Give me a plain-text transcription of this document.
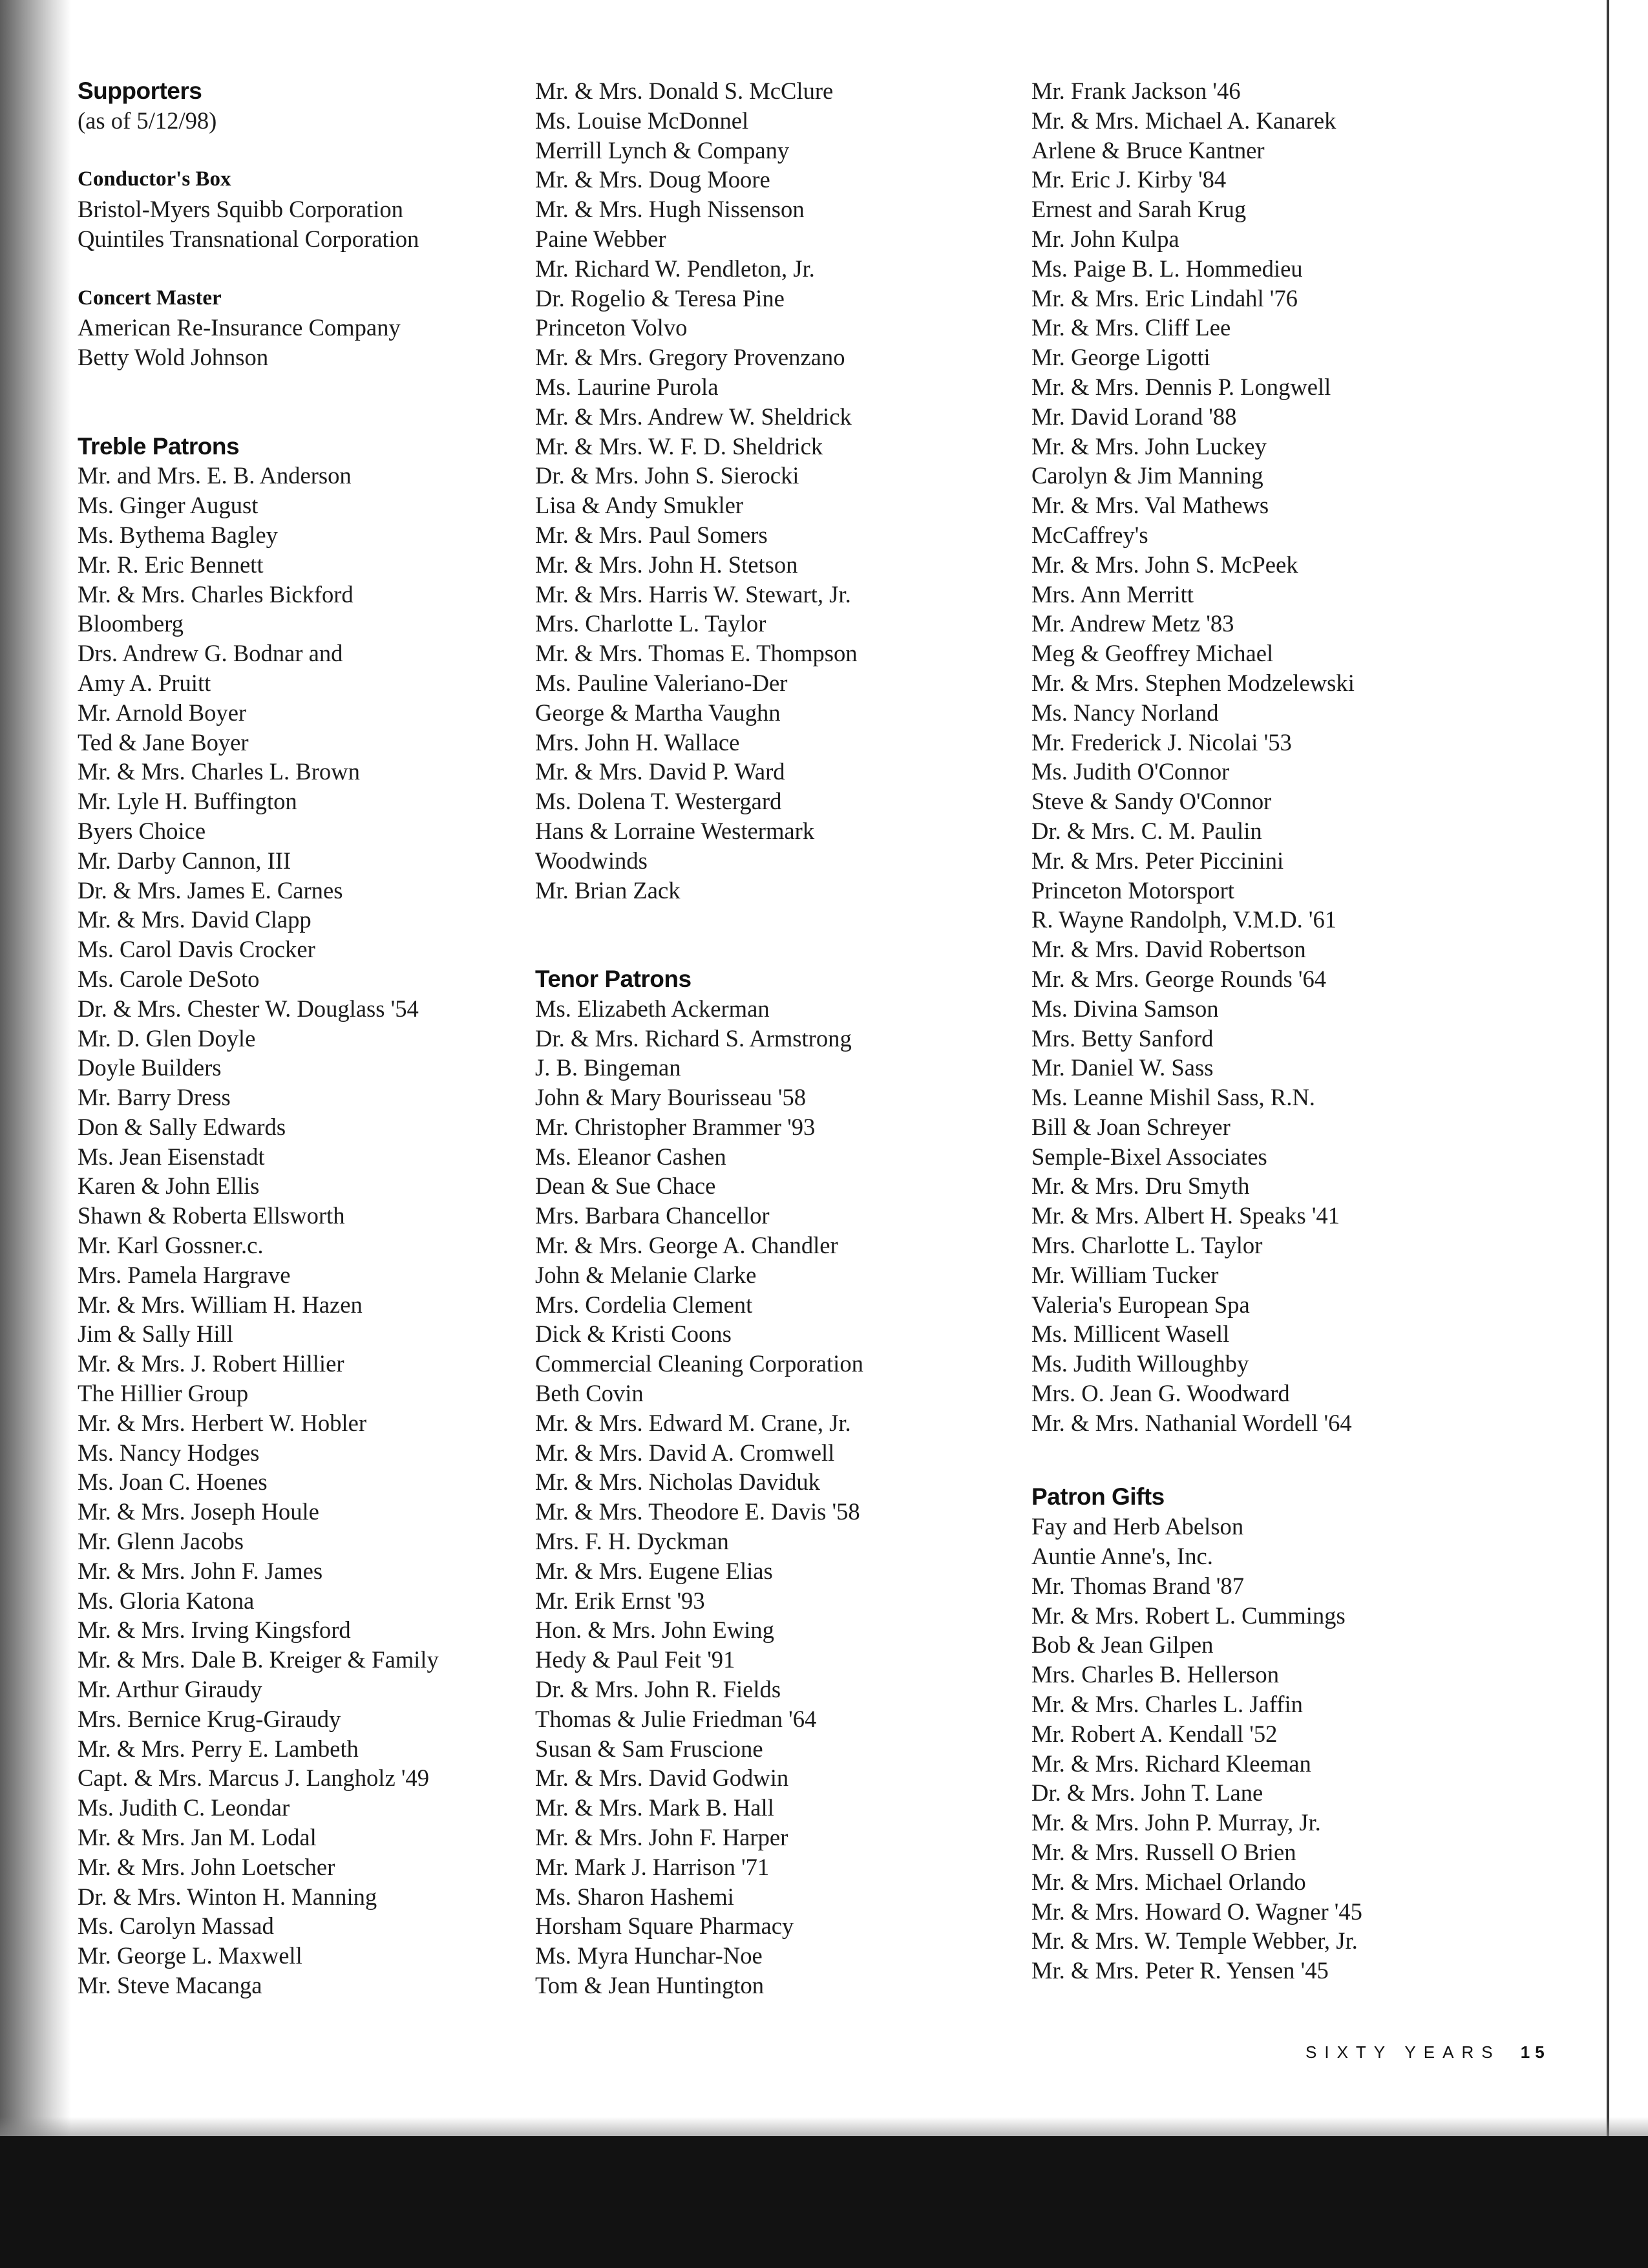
Supporters
(as of 5/12/98)
Conductor's Box
Bristol-Myers Squibb Corporation
Quintiles Transnational Corporation
Concert Master
American Re-Insurance Company
Betty Wold Johnson
Treble Patrons
Mr. and Mrs. E. B. Anderson
Ms. Ginger August
Ms. Bythema Bagley
Mr. R. Eric Bennett
Mr. & Mrs. Charles Bickford
Bloomberg
Drs. Andrew G. Bodnar and
Amy A. Pruitt
Mr. Arnold Boyer
Ted & Jane Boyer
Mr. & Mrs. Charles L. Brown
Mr. Lyle H. Buffington
Byers Choice
Mr. Darby Cannon, III
Dr. & Mrs. James E. Carnes
Mr. & Mrs. David Clapp
Ms. Carol Davis Crocker
Ms. Carole DeSoto
Dr. & Mrs. Chester W. Douglass '54
Mr. D. Glen Doyle
Doyle Builders
Mr. Barry Dress
Don & Sally Edwards
Ms. Jean Eisenstadt
Karen & John Ellis
Shawn & Roberta Ellsworth
Mr. Karl Gossner.c.
Mrs. Pamela Hargrave
Mr. & Mrs. William H. Hazen
Jim & Sally Hill
Mr. & Mrs. J. Robert Hillier
The Hillier Group
Mr. & Mrs. Herbert W. Hobler
Ms. Nancy Hodges
Ms. Joan C. Hoenes
Mr. & Mrs. Joseph Houle
Mr. Glenn Jacobs
Mr. & Mrs. John F. James
Ms. Gloria Katona
Mr. & Mrs. Irving Kingsford
Mr. & Mrs. Dale B. Kreiger & Family
Mr. Arthur Giraudy
Mrs. Bernice Krug-Giraudy
Mr. & Mrs. Perry E. Lambeth
Capt. & Mrs. Marcus J. Langholz '49
Ms. Judith C. Leondar
Mr. & Mrs. Jan M. Lodal
Mr. & Mrs. John Loetscher
Dr. & Mrs. Winton H. Manning
Ms. Carolyn Massad
Mr. George L. Maxwell
Mr. Steve Macanga
Mr. & Mrs. Donald S. McClure
Ms. Louise McDonnel
Merrill Lynch & Company
Mr. & Mrs. Doug Moore
Mr. & Mrs. Hugh Nissenson
Paine Webber
Mr. Richard W. Pendleton, Jr.
Dr. Rogelio & Teresa Pine
Princeton Volvo
Mr. & Mrs. Gregory Provenzano
Ms. Laurine Purola
Mr. & Mrs. Andrew W. Sheldrick
Mr. & Mrs. W. F. D. Sheldrick
Dr. & Mrs. John S. Sierocki
Lisa & Andy Smukler
Mr. & Mrs. Paul Somers
Mr. & Mrs. John H. Stetson
Mr. & Mrs. Harris W. Stewart, Jr.
Mrs. Charlotte L. Taylor
Mr. & Mrs. Thomas E. Thompson
Ms. Pauline Valeriano-Der
George & Martha Vaughn
Mrs. John H. Wallace
Mr. & Mrs. David P. Ward
Ms. Dolena T. Westergard
Hans & Lorraine Westermark
Woodwinds
Mr. Brian Zack
Tenor Patrons
Ms. Elizabeth Ackerman
Dr. & Mrs. Richard S. Armstrong
J. B. Bingeman
John & Mary Bourisseau '58
Mr. Christopher Brammer '93
Ms. Eleanor Cashen
Dean & Sue Chace
Mrs. Barbara Chancellor
Mr. & Mrs. George A. Chandler
John & Melanie Clarke
Mrs. Cordelia Clement
Dick & Kristi Coons
Commercial Cleaning Corporation
Beth Covin
Mr. & Mrs. Edward M. Crane, Jr.
Mr. & Mrs. David A. Cromwell
Mr. & Mrs. Nicholas Daviduk
Mr. & Mrs. Theodore E. Davis '58
Mrs. F. H. Dyckman
Mr. & Mrs. Eugene Elias
Mr. Erik Ernst '93
Hon. & Mrs. John Ewing
Hedy & Paul Feit '91
Dr. & Mrs. John R. Fields
Thomas & Julie Friedman '64
Susan & Sam Fruscione
Mr. & Mrs. David Godwin
Mr. & Mrs. Mark B. Hall
Mr. & Mrs. John F. Harper
Mr. Mark J. Harrison '71
Ms. Sharon Hashemi
Horsham Square Pharmacy
Ms. Myra Hunchar-Noe
Tom & Jean Huntington
Mr. Frank Jackson '46
Mr. & Mrs. Michael A. Kanarek
Arlene & Bruce Kantner
Mr. Eric J. Kirby '84
Ernest and Sarah Krug
Mr. John Kulpa
Ms. Paige B. L. Hommedieu
Mr. & Mrs. Eric Lindahl '76
Mr. & Mrs. Cliff Lee
Mr. George Ligotti
Mr. & Mrs. Dennis P. Longwell
Mr. David Lorand '88
Mr. & Mrs. John Luckey
Carolyn & Jim Manning
Mr. & Mrs. Val Mathews
McCaffrey's
Mr. & Mrs. John S. McPeek
Mrs. Ann Merritt
Mr. Andrew Metz '83
Meg & Geoffrey Michael
Mr. & Mrs. Stephen Modzelewski
Ms. Nancy Norland
Mr. Frederick J. Nicolai '53
Ms. Judith O'Connor
Steve & Sandy O'Connor
Dr. & Mrs. C. M. Paulin
Mr. & Mrs. Peter Piccinini
Princeton Motorsport
R. Wayne Randolph, V.M.D. '61
Mr. & Mrs. David Robertson
Mr. & Mrs. George Rounds '64
Ms. Divina Samson
Mrs. Betty Sanford
Mr. Daniel W. Sass
Ms. Leanne Mishil Sass, R.N.
Bill & Joan Schreyer
Semple-Bixel Associates
Mr. & Mrs. Dru Smyth
Mr. & Mrs. Albert H. Speaks '41
Mrs. Charlotte L. Taylor
Mr. William Tucker
Valeria's European Spa
Ms. Millicent Wasell
Ms. Judith Willoughby
Mrs. O. Jean G. Woodward
Mr. & Mrs. Nathanial Wordell '64
Patron Gifts
Fay and Herb Abelson
Auntie Anne's, Inc.
Mr. Thomas Brand '87
Mr. & Mrs. Robert L. Cummings
Bob & Jean Gilpen
Mrs. Charles B. Hellerson
Mr. & Mrs. Charles L. Jaffin
Mr. Robert A. Kendall '52
Mr. & Mrs. Richard Kleeman
Dr. & Mrs. John T. Lane
Mr. & Mrs. John P. Murray, Jr.
Mr. & Mrs. Russell O Brien
Mr. & Mrs. Michael Orlando
Mr. & Mrs. Howard O. Wagner '45
Mr. & Mrs. W. Temple Webber, Jr.
Mr. & Mrs. Peter R. Yensen '45
SIXTY YEARS 15
